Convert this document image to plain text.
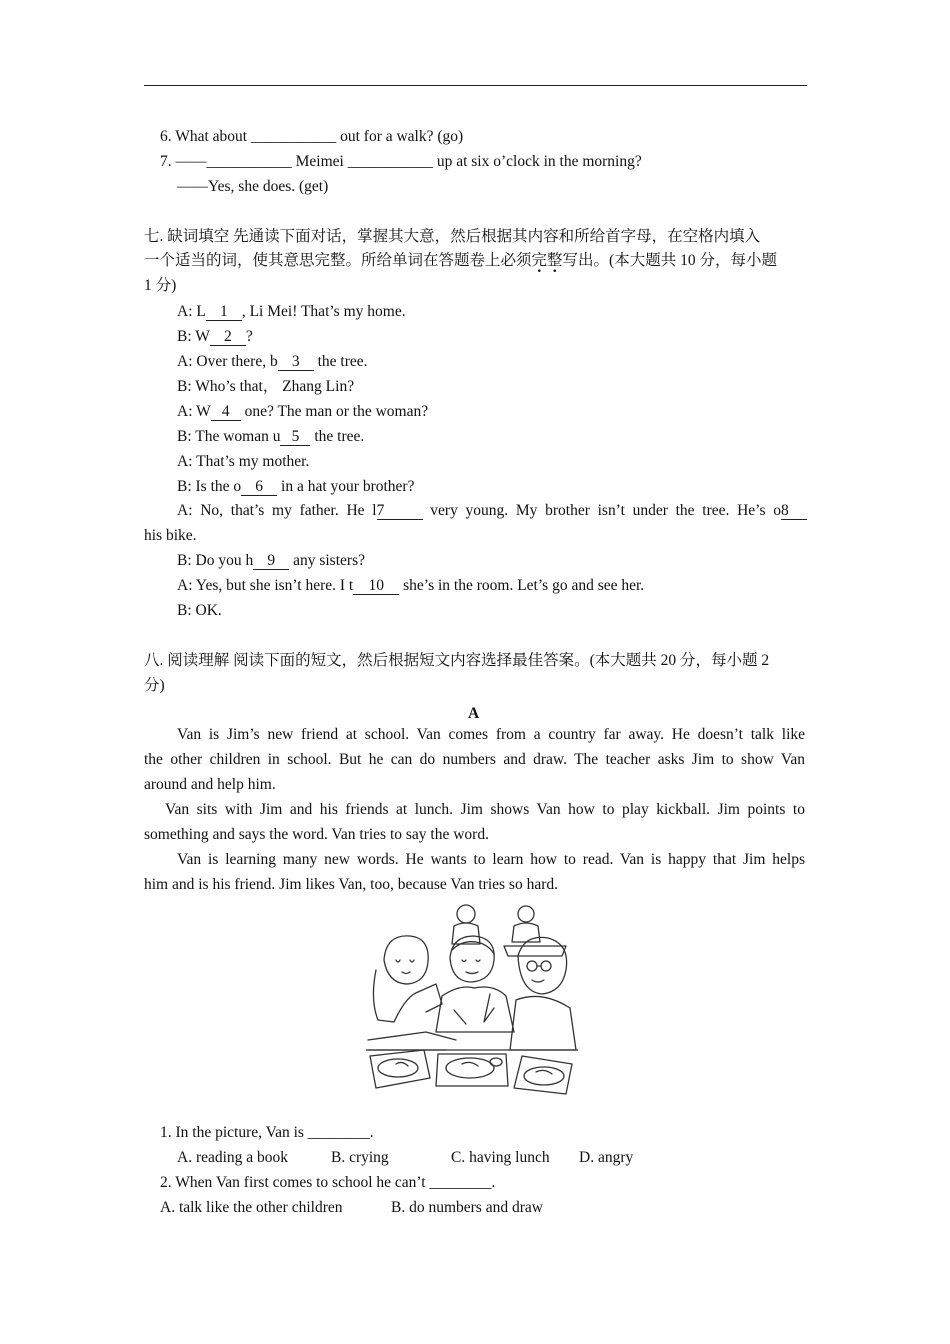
6. What about ___________ out for a walk? (go)
7. ——___________ Meimei ___________ up at six o’clock in the morning?
——Yes, she does. (get)
七. 缺词填空 先通读下面对话，掌握其大意，然后根据其内容和所给首字母，在空格内填入
一个适当的词，使其意思完整。所给单词在答题卷上必须完整写出。(本大题共 10 分，每小题
1 分)
A: L 1 , Li Mei! That’s my home.
B: W 2 ?
A: Over there, b 3 the tree.
B: Who’s that， Zhang Lin?
A: W 4 one? The man or the woman?
B: The woman u 5 the tree.
A: That’s my mother.
B: Is the o 6 in a hat your brother?
A: No, that’s my father. He l7 very young. My brother isn’t under the tree. He’s o8
his bike.
B: Do you h 9 any sisters?
A: Yes, but she isn’t here. I t 10 she’s in the room. Let’s go and see her.
B: OK.
八. 阅读理解 阅读下面的短文，然后根据短文内容选择最佳答案。(本大题共 20 分，每小题 2
分)
A
Van is Jim’s new friend at school. Van comes from a country far away. He doesn’t talk like
the other children in school. But he can do numbers and draw. The teacher asks Jim to show Van
around and help him.
Van sits with Jim and his friends at lunch. Jim shows Van how to play kickball. Jim points to
something and says the word. Van tries to say the word.
Van is learning many new words. He wants to learn how to read. Van is happy that Jim helps
him and is his friend. Jim likes Van, too, because Van tries so hard.
1. In the picture, Van is ________.
A. reading a book	B. crying	C. having lunch D. angry
2. When Van first comes to school he can’t ________.
A. talk like the other children	B. do numbers and draw
